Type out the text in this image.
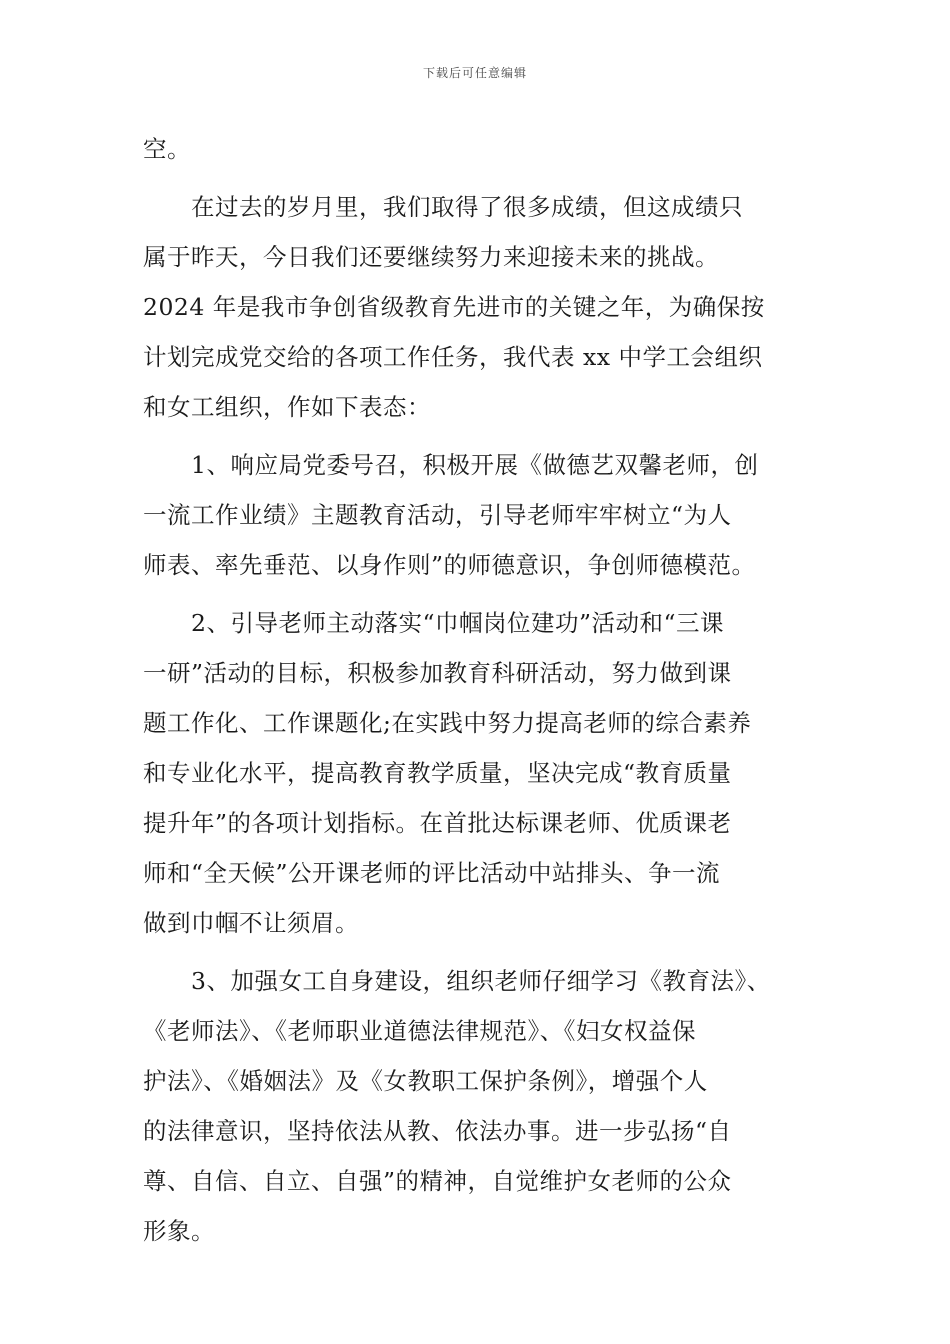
下载后可任意编辑
空。
在过去的岁月里，我们取得了很多成绩，但这成绩只
属于昨天，今日我们还要继续努力来迎接未来的挑战。
2024 年是我市争创省级教育先进市的关键之年，为确保按
计划完成党交给的各项工作任务，我代表 xx 中学工会组织
和女工组织，作如下表态：
1、响应局党委号召，积极开展《做德艺双馨老师，创
一流工作业绩》主题教育活动，引导老师牢牢树立“为人
师表、率先垂范、以身作则”的师德意识，争创师德模范。
2、引导老师主动落实“巾帼岗位建功”活动和“三课
一研”活动的目标，积极参加教育科研活动，努力做到课
题工作化、工作课题化;在实践中努力提高老师的综合素养
和专业化水平，提高教育教学质量，坚决完成“教育质量
提升年”的各项计划指标。在首批达标课老师、优质课老
师和“全天候”公开课老师的评比活动中站排头、争一流
做到巾帼不让须眉。
3、加强女工自身建设，组织老师仔细学习《教育法》、
《老师法》、《老师职业道德法律规范》、《妇女权益保
护法》、《婚姻法》及《女教职工保护条例》，增强个人
的法律意识，坚持依法从教、依法办事。进一步弘扬“自
尊、自信、自立、自强”的精神，自觉维护女老师的公众
形象。
